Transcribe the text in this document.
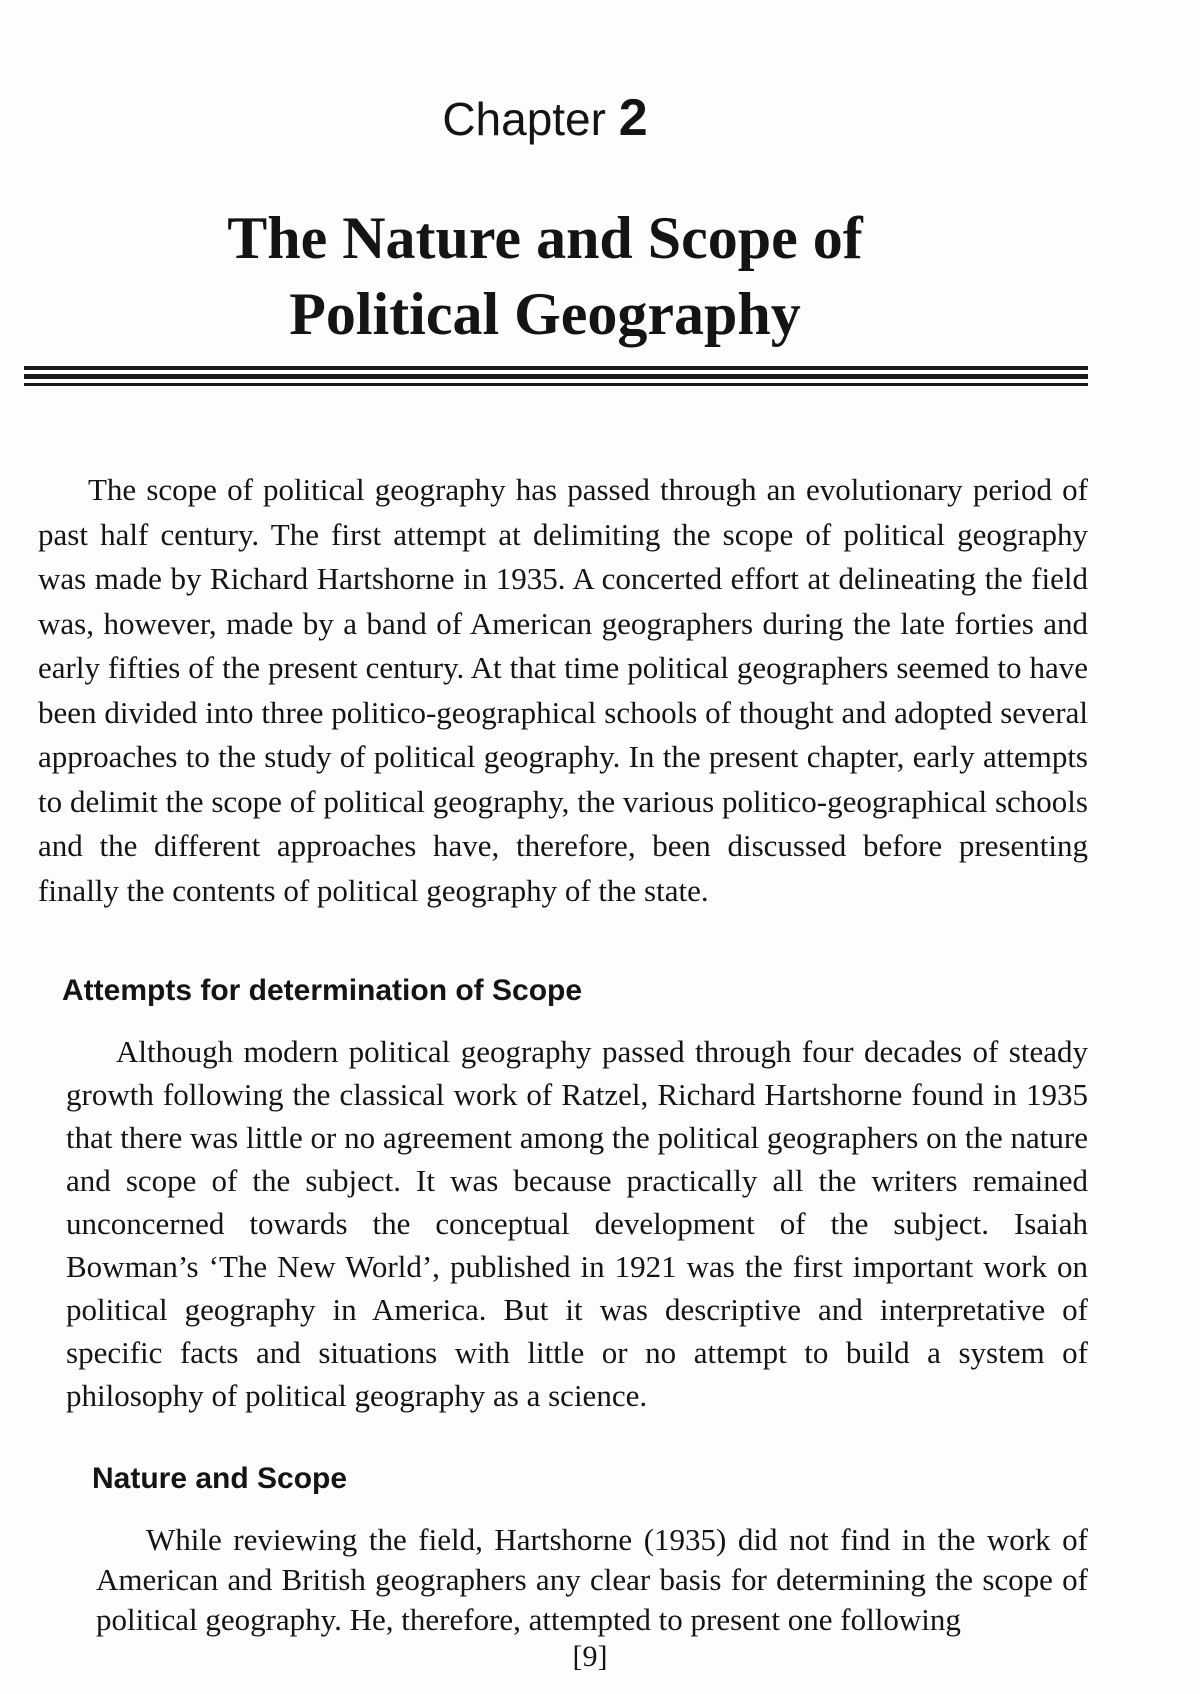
Chapter 2
The Nature and Scope of
Political Geography

The scope of political geography has passed through an evolutionary period of past half century. The first attempt at delimiting the scope of political geography was made by Richard Hartshorne in 1935. A concerted effort at delineating the field was, however, made by a band of American geographers during the late forties and early fifties of the present century. At that time political geographers seemed to have been divided into three politico-geographical schools of thought and adopted several approaches to the study of political geography. In the present chapter, early attempts to delimit the scope of political geography, the various politico-geographical schools and the different approaches have, therefore, been discussed before presenting finally the contents of political geography of the state.

Attempts for determination of Scope

Although modern political geography passed through four decades of steady growth following the classical work of Ratzel, Richard Hartshorne found in 1935 that there was little or no agreement among the political geographers on the nature and scope of the subject. It was because practically all the writers remained unconcerned towards the conceptual development of the subject. Isaiah Bowman’s ‘The New World’, published in 1921 was the first important work on political geography in America. But it was descriptive and interpretative of specific facts and situations with little or no attempt to build a system of philosophy of political geography as a science.

Nature and Scope

While reviewing the field, Hartshorne (1935) did not find in the work of American and British geographers any clear basis for determining the scope of political geography. He, therefore, attempted to present one following

[9]
